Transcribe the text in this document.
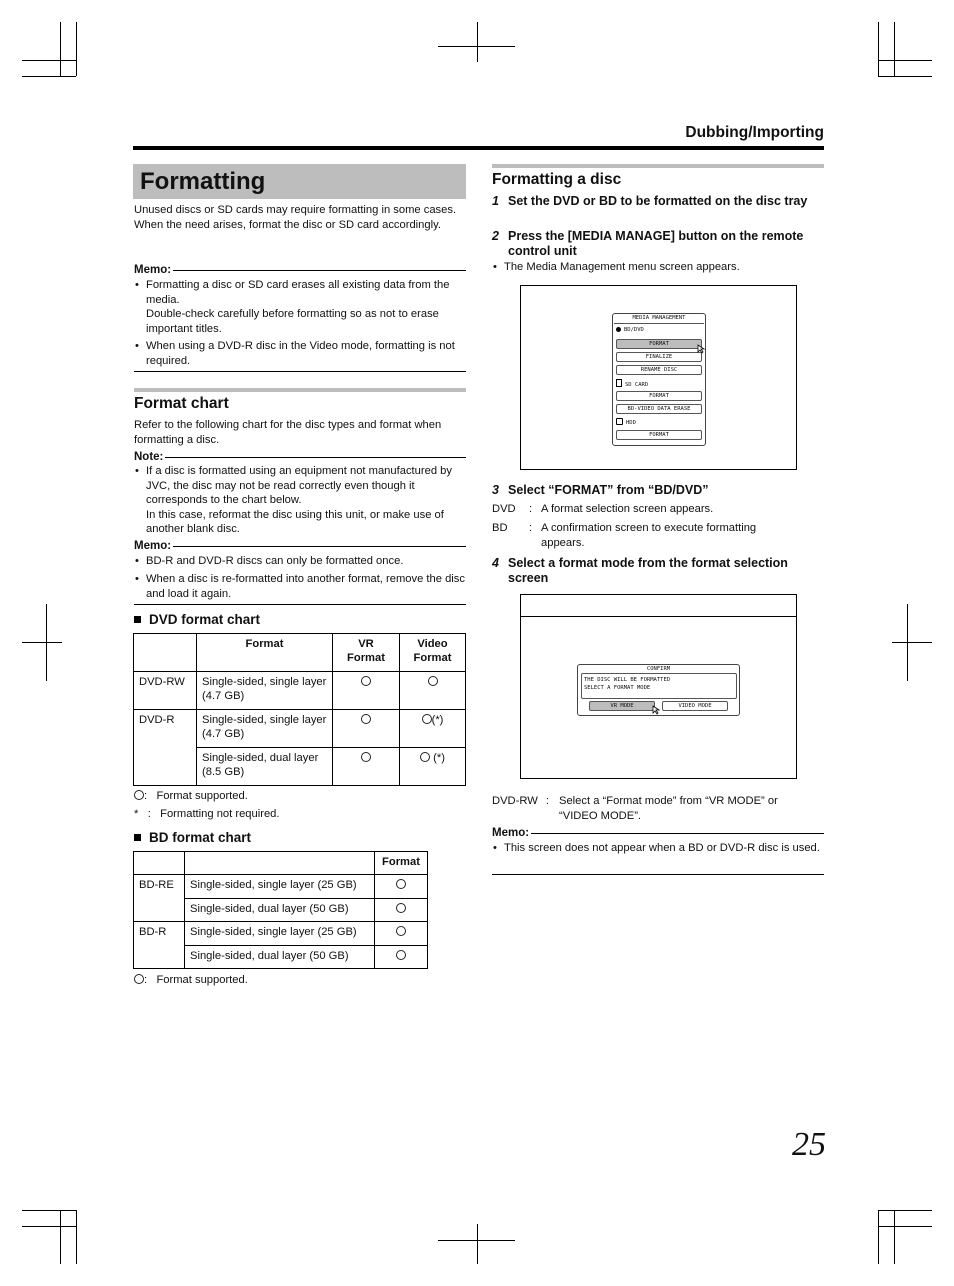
Dubbing/Importing
Formatting
Unused discs or SD cards may require formatting in some cases.
When the need arises, format the disc or SD card accordingly.
Memo:
• Formatting a disc or SD card erases all existing data from the media.
Double-check carefully before formatting so as not to erase important titles.
• When using a DVD-R disc in the Video mode, formatting is not required.
Format chart
Refer to the following chart for the disc types and format when formatting a disc.
Note:
• If a disc is formatted using an equipment not manufactured by JVC, the disc may not be read correctly even though it corresponds to the chart below.
In this case, reformat the disc using this unit, or make use of another blank disc.
Memo:
• BD-R and DVD-R discs can only be formatted once.
• When a disc is re-formatted into another format, remove the disc and load it again.
DVD format chart
	Format	VR Format	Video Format
DVD-RW	Single-sided, single layer (4.7 GB)		
DVD-R	Single-sided, single layer (4.7 GB)		(*)
	Single-sided, dual layer (8.5 GB)		(*)
: Format supported.
* : Formatting not required.
BD format chart
		Format
BD-RE	Single-sided, single layer (25 GB)	
	Single-sided, dual layer (50 GB)	
BD-R	Single-sided, single layer (25 GB)	
	Single-sided, dual layer (50 GB)	
: Format supported.
Formatting a disc
1 Set the DVD or BD to be formatted on the disc tray
2 Press the [MEDIA MANAGE] button on the remote control unit
• The Media Management menu screen appears.
MEDIA MANAGEMENT
BD/DVD
FORMAT
FINALIZE
RENAME DISC
SD CARD
FORMAT
BD-VIDEO DATA ERASE
HDD
FORMAT
3 Select “FORMAT” from “BD/DVD”
DVD : A format selection screen appears.
BD : A confirmation screen to execute formatting appears.
4 Select a format mode from the format selection screen
CONFIRM
THE DISC WILL BE FORMATTED
SELECT A FORMAT MODE
VR MODE	VIDEO MODE
DVD-RW : Select a “Format mode” from “VR MODE” or “VIDEO MODE”.
Memo:
• This screen does not appear when a BD or DVD-R disc is used.
25
